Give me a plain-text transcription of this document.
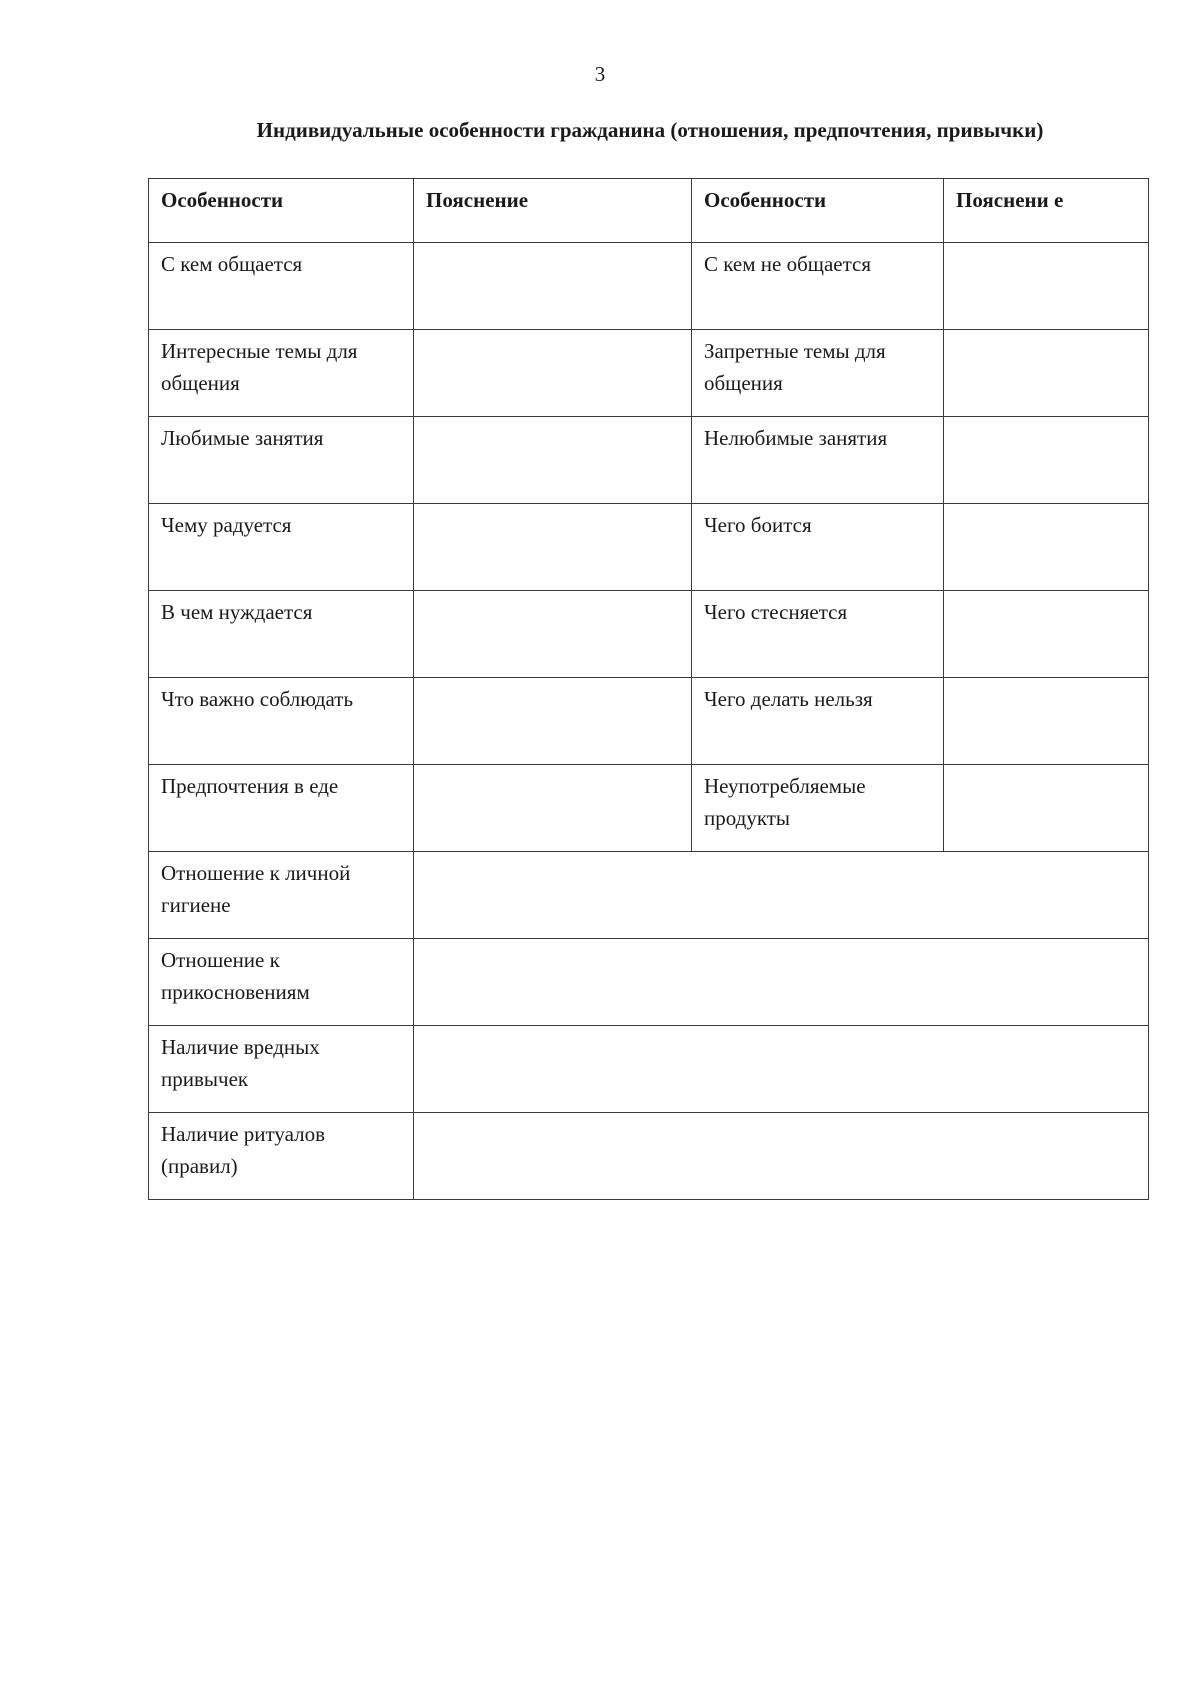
3
Индивидуальные особенности гражданина (отношения, предпочтения, привычки)
Особенности	Пояснение	Особенности	Пояснени е
С кем общается		С кем не общается	
Интересные темы для общения		Запретные темы для общения	
Любимые занятия		Нелюбимые занятия	
Чему радуется		Чего боится	
В чем нуждается		Чего стесняется	
Что важно соблюдать		Чего делать нельзя	
Предпочтения в еде		Неупотребляемые продукты	
Отношение к личной гигиене			
Отношение к прикосновениям			
Наличие вредных привычек			
Наличие ритуалов (правил)			
